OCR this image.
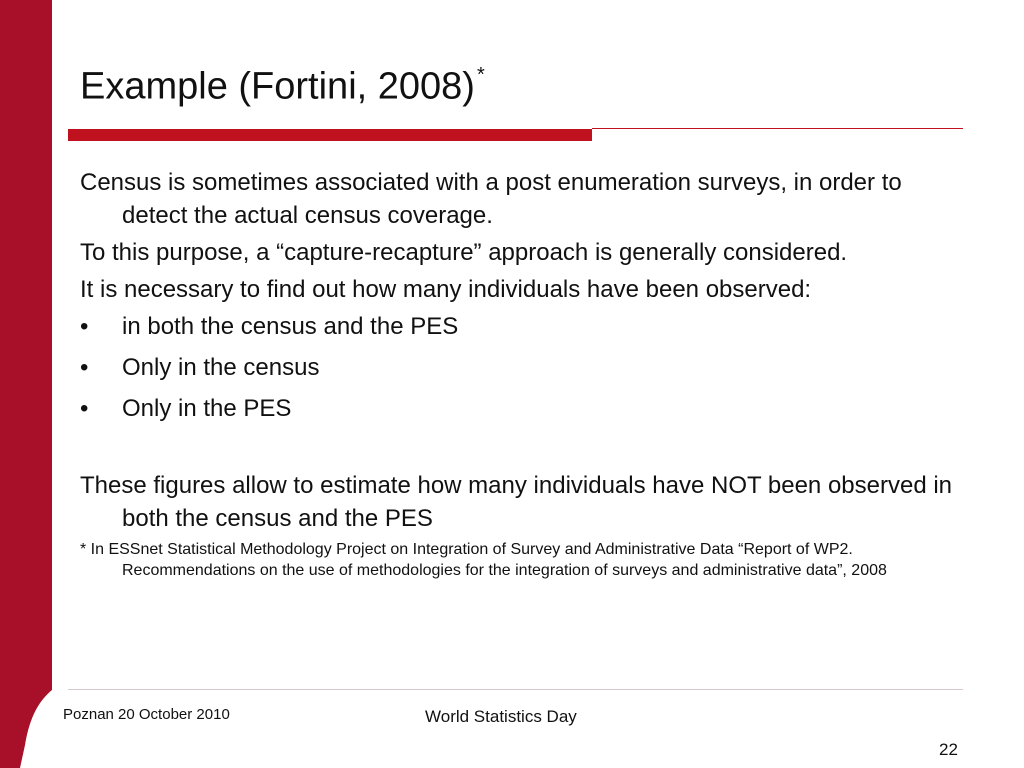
Example (Fortini, 2008) *

Census is sometimes associated with a post enumeration surveys, in order to detect the actual census coverage.

To this purpose, a “capture-recapture” approach is generally considered.

It is necessary to find out how many individuals have been observed:

•	in both the census and the PES
•	Only in the census
•	Only in the PES

These figures allow to estimate how many individuals have NOT been observed in both the census and the PES

* In ESSnet Statistical Methodology Project on Integration of Survey and Administrative Data “Report of WP2. Recommendations on the use of methodologies for the integration of surveys and administrative data”, 2008

Poznan 20 October 2010	World Statistics Day
22
